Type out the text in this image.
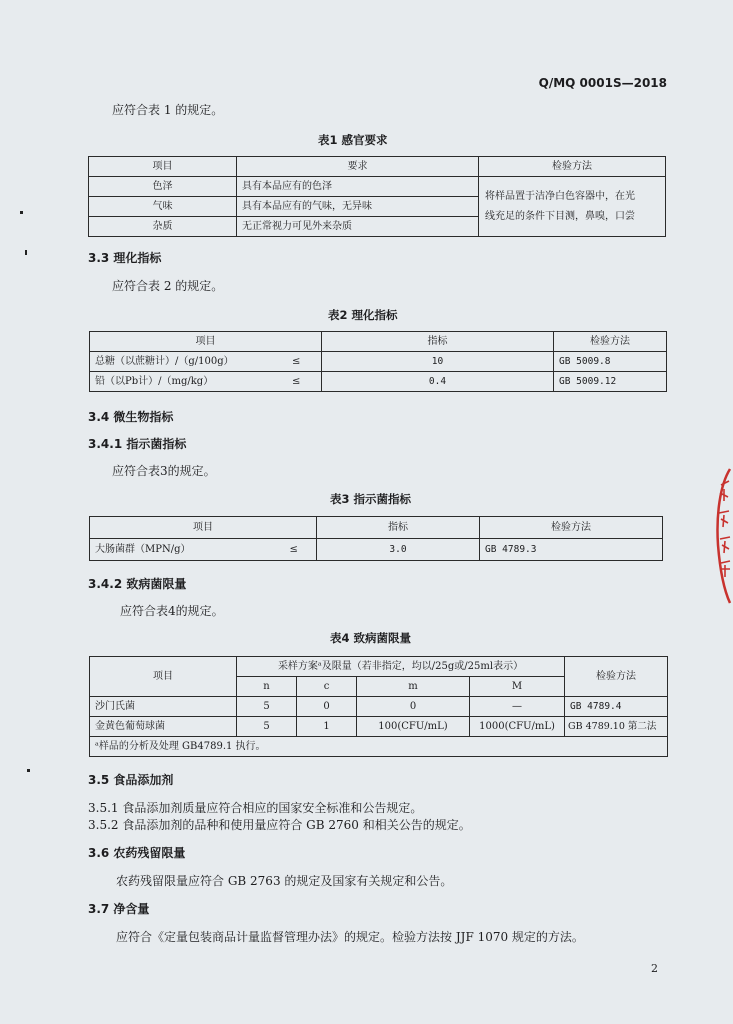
Q/MQ 0001S—2018
应符合表 1 的规定。
表1 感官要求
项目	要求	检验方法
色泽	具有本品应有的色泽	将样品置于洁净白色容器中，在光
线充足的条件下目测，鼻嗅，口尝
气味	具有本品应有的气味，无异味	
杂质	无正常视力可见外来杂质	
3.3 理化指标
应符合表 2 的规定。
表2 理化指标
项目		指标	检验方法
总糖（以蔗糖计）/（g/100g）	≤	10	GB 5009.8
铅（以Pb计）/（mg/kg）	≤	0.4	GB 5009.12
3.4 微生物指标
3.4.1 指示菌指标
应符合表3的规定。
表3 指示菌指标
项目		指标	检验方法
大肠菌群（MPN/g）	≤	3.0	GB 4789.3
3.4.2 致病菌限量
应符合表4的规定。
表4 致病菌限量
项目	采样方案ᵃ及限量（若非指定，均以/25g或/25ml表示）				检验方法
	n	c	m	M	
沙门氏菌	5	0	0	—	GB 4789.4
金黄色葡萄球菌	5	1	100(CFU/mL)	1000(CFU/mL)	GB 4789.10 第二法
ᵃ样品的分析及处理 GB4789.1 执行。					
3.5 食品添加剂
3.5.1 食品添加剂质量应符合相应的国家安全标准和公告规定。
3.5.2 食品添加剂的品种和使用量应符合 GB 2760 和相关公告的规定。
3.6 农药残留限量
农药残留限量应符合 GB 2763 的规定及国家有关规定和公告。
3.7 净含量
应符合《定量包装商品计量监督管理办法》的规定。检验方法按 JJF 1070 规定的方法。
2
